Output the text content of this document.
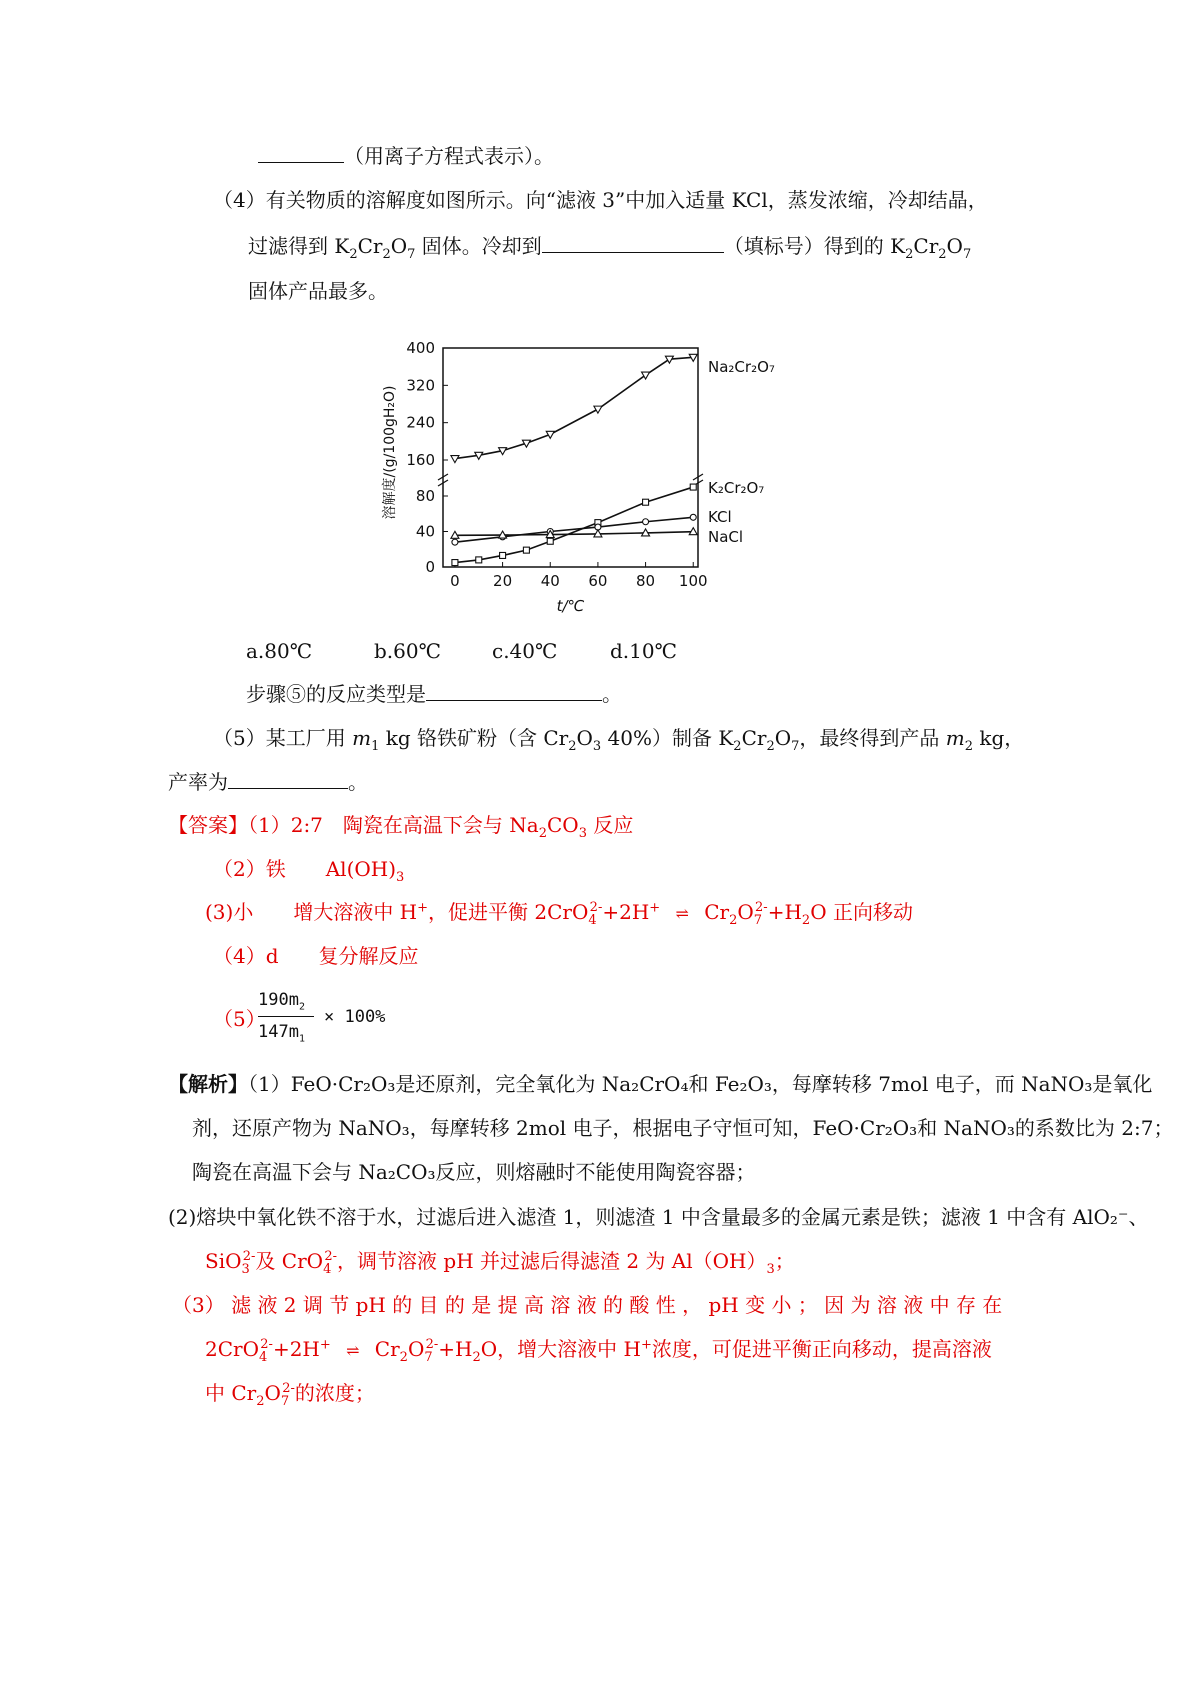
（用离子方程式表示）。
（4）有关物质的溶解度如图所示。向“滤液 3”中加入适量 KCl，蒸发浓缩，冷却结晶，
过滤得到 $K_2Cr_2O_7$ 固体。冷却到	（填标号）得到的 $K_2Cr_2O_7$
固体产品最多。
0
40
80
160
240
320
400
0 20 40 60 80 100
t/℃
溶解度/(g/100gH₂O)
Na₂Cr₂O₇
K₂Cr₂O₇
KCl
NaCl
a.80℃	b.60℃	c.40℃	d.10℃
步骤⑤的反应类型是	。
（5）某工厂用 $m_1$ kg 铬铁矿粉（含 $Cr_2O_3$ 40%）制备 $K_2Cr_2O_7$，最终得到产品 $m_2$ kg，
产率为	。
【答案】（1）2:7　陶瓷在高温下会与 $Na_2CO_3$ 反应
（2）铁　　$Al(OH)_3$
(3)小　　增大溶液中 H+，促进平衡 2CrO$_4^{2-}$+2H+ ⇌ $Cr_2O_7^{2-}+H_2O$ 正向移动
（4）d　　复分解反应
（5）
$190m_2$
$147m_1$
× 100%
【解析】（1）FeO·Cr₂O₃是还原剂，完全氧化为 Na₂CrO₄和 Fe₂O₃，每摩转移 7mol 电子，而 NaNO₃是氧化
剂，还原产物为 NaNO₃，每摩转移 2mol 电子，根据电子守恒可知，FeO·Cr₂O₃和 NaNO₃的系数比为 2:7；
陶瓷在高温下会与 Na₂CO₃反应，则熔融时不能使用陶瓷容器；
(2)熔块中氧化铁不溶于水，过滤后进入滤渣 1，则滤渣 1 中含量最多的金属元素是铁；滤液 1 中含有 AlO₂⁻、
SiO$_3^{2-}$及 CrO$_4^{2-}$，调节溶液 pH 并过滤后得滤渣 2 为 $Al(OH)_3$；
（3） 滤 液 2 调 节 pH 的 目 的 是 提 高 溶 液 的 酸 性 ， pH 变 小 ； 因 为 溶 液 中 存 在
2CrO$_4^{2-}$+2H+ ⇌ $Cr_2O_7^{2-}+H_2O$，增大溶液中 H+浓度，可促进平衡正向移动，提高溶液
中 $Cr_2O_7^{2-}$的浓度；
